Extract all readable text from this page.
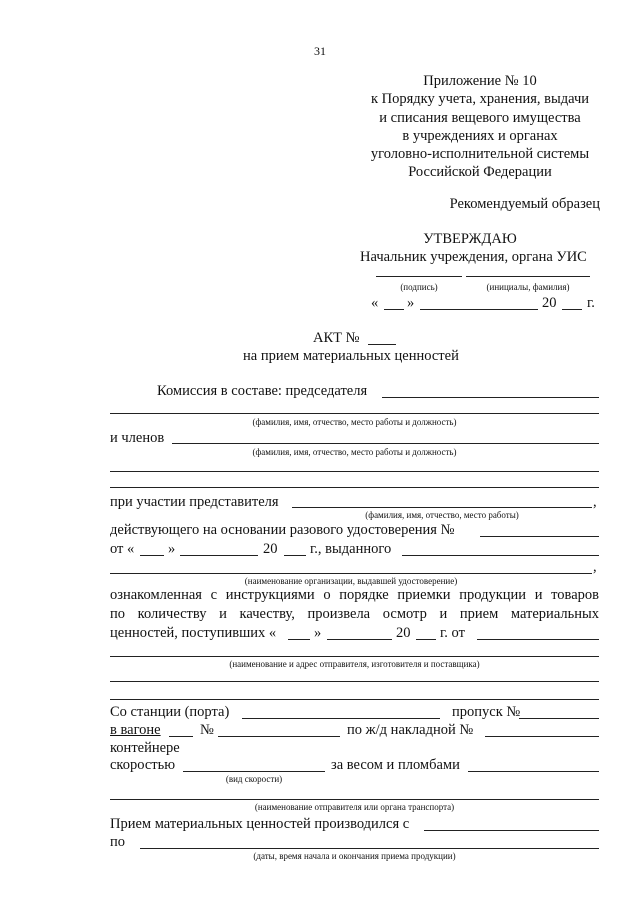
31
Приложение № 10
к Порядку учета, хранения, выдачи
и списания вещевого имущества
в учреждениях и органах
уголовно-исполнительной системы
Российской Федерации
Рекомендуемый образец
УТВЕРЖДАЮ
Начальник учреждения, органа УИС
(подпись)	(инициалы, фамилия)
« »	20 г.
АКТ №
на прием материальных ценностей
Комиссия в составе: председателя
(фамилия, имя, отчество, место работы и должность)
и членов
(фамилия, имя, отчество, место работы и должность)
при участии представителя	,
(фамилия, имя, отчество, место работы)
действующего на основании разового удостоверения №
от « »	20 г., выданного
,
(наименование организации, выдавшей удостоверение)
ознакомленная с инструкциями о порядке приемки продукции и товаров
по количеству и качеству, произвела осмотр и прием материальных
ценностей, поступивших «	»	20 г. от
(наименование и адрес отправителя, изготовителя и поставщика)
Со станции (порта)	пропуск №
в вагоне	№	по ж/д накладной №
контейнере
скоростью
(вид скорости)
за весом и пломбами
(наименование отправителя или органа транспорта)
Прием материальных ценностей производился с
по
(даты, время начала и окончания приема продукции)
